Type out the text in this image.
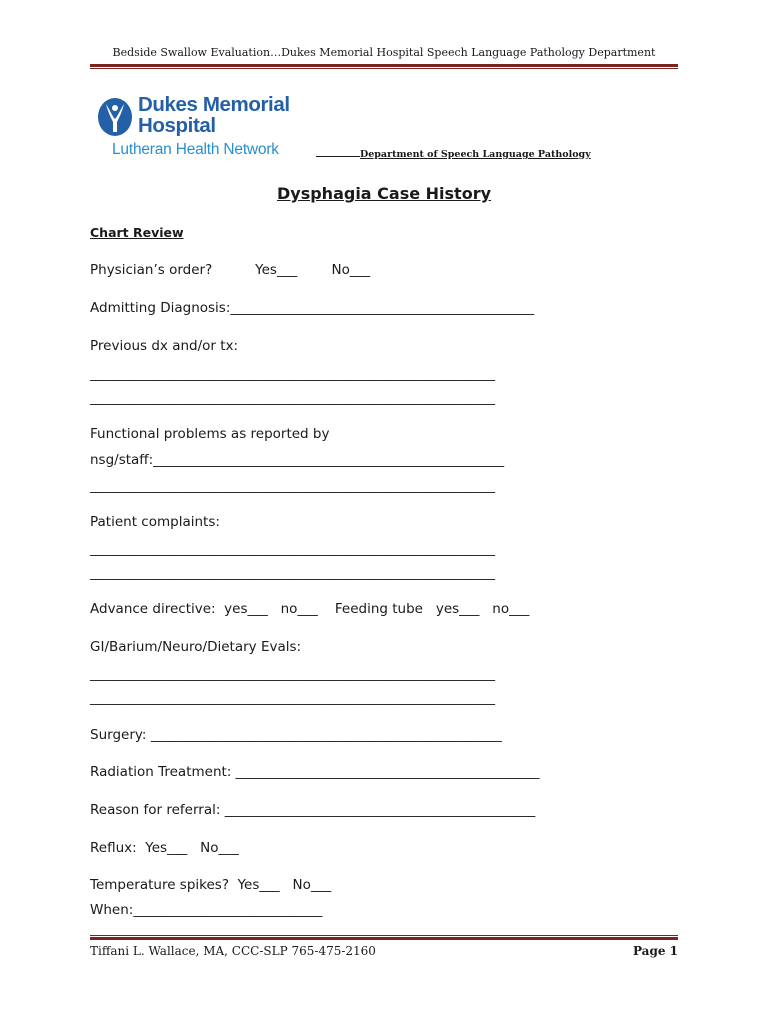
Bedside Swallow Evaluation…Dukes Memorial Hospital Speech Language Pathology Department
Dukes Memorial
Hospital
Lutheran Health Network	Department of Speech Language Pathology
Dysphagia Case History
Chart Review
Physician’s order?          Yes___        No___
Admitting Diagnosis:_____________________________________________
Previous dx and/or tx:
____________________________________________________________
____________________________________________________________
Functional problems as reported by
nsg/staff:____________________________________________________
____________________________________________________________
Patient complaints:
____________________________________________________________
____________________________________________________________
Advance directive:  yes___   no___    Feeding tube   yes___   no___
GI/Barium/Neuro/Dietary Evals:
____________________________________________________________
____________________________________________________________
Surgery: ____________________________________________________
Radiation Treatment: _____________________________________________
Reason for referral: ______________________________________________
Reflux:  Yes___   No___
Temperature spikes?  Yes___   No___
When:____________________________
Tiffani L. Wallace, MA, CCC-SLP 765-475-2160	Page 1
